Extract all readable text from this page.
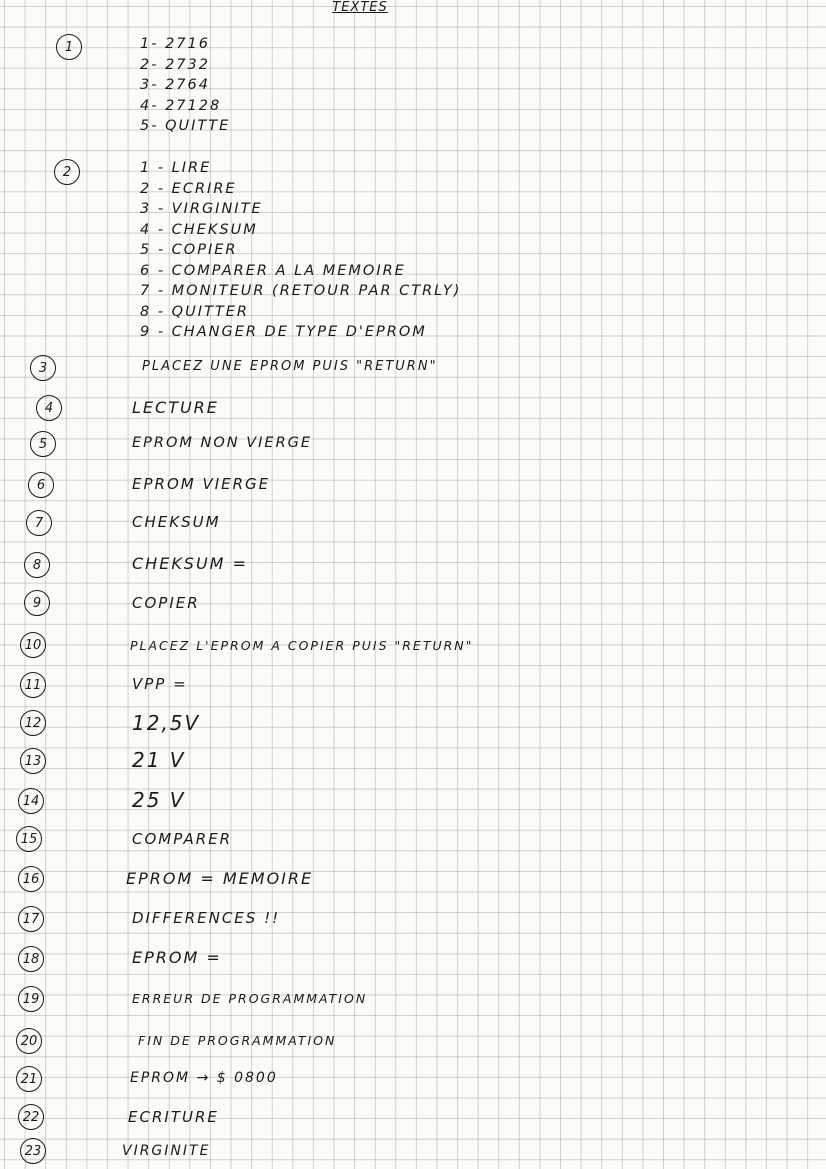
TEXTES
1	1- 2716
2- 2732
3- 2764
4- 27128
5- QUITTE
2	1 - LIRE
2 - ECRIRE
3 - VIRGINITE
4 - CHEKSUM
5 - COPIER
6 - COMPARER A LA MEMOIRE
7 - MONITEUR (RETOUR PAR CTRLY)
8 - QUITTER
9 - CHANGER DE TYPE D'EPROM
3	PLACEZ UNE EPROM PUIS "RETURN"
4	LECTURE
5	EPROM NON VIERGE
6	EPROM VIERGE
7	CHEKSUM
8	CHEKSUM =
9	COPIER
10	PLACEZ L'EPROM A COPIER PUIS "RETURN"
11	VPP =
12	12,5V
13	21 V
14	25 V
15	COMPARER
16	EPROM = MEMOIRE
17	DIFFERENCES !!
18	EPROM =
19	ERREUR DE PROGRAMMATION
20	FIN DE PROGRAMMATION
21	EPROM → $ 0800
22	ECRITURE
23	VIRGINITE
